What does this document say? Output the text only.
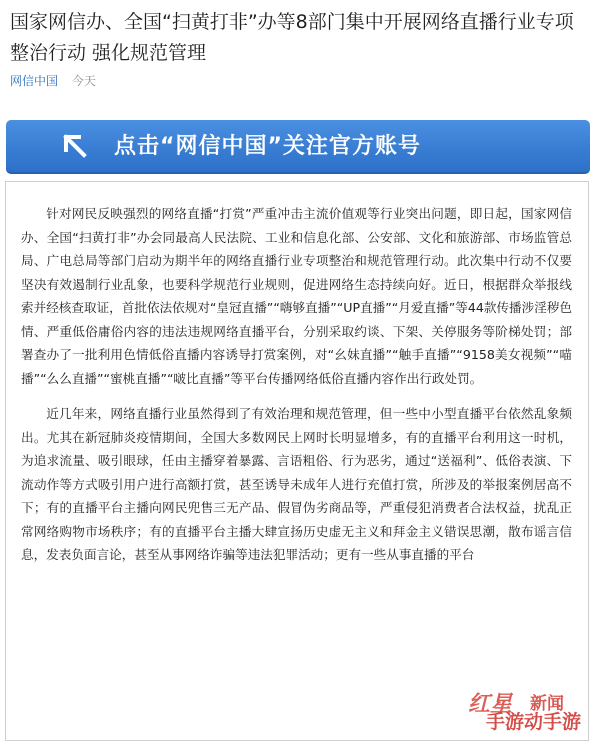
国家网信办、全国“扫黄打非”办等8部门集中开展网络直播行业专项整治行动 强化规范管理
网信中国 今天
点击“网信中国”关注官方账号

针对网民反映强烈的网络直播“打赏”严重冲击主流价值观等行业突出问题，即日起，国家网信办、全国“扫黄打非”办会同最高人民法院、工业和信息化部、公安部、文化和旅游部、市场监管总局、广电总局等部门启动为期半年的网络直播行业专项整治和规范管理行动。此次集中行动不仅要坚决有效遏制行业乱象，也要科学规范行业规则，促进网络生态持续向好。近日，根据群众举报线索并经核查取证，首批依法依规对“皇冠直播”“嗨够直播”“UP直播”“月爱直播”等44款传播涉淫秽色情、严重低俗庸俗内容的违法违规网络直播平台，分别采取约谈、下架、关停服务等阶梯处罚；部署查办了一批利用色情低俗直播内容诱导打赏案例，对“幺妹直播”“触手直播”“9158美女视频”“喵播”“么么直播”“蜜桃直播”“啵比直播”等平台传播网络低俗直播内容作出行政处罚。

近几年来，网络直播行业虽然得到了有效治理和规范管理，但一些中小型直播平台依然乱象频出。尤其在新冠肺炎疫情期间，全国大多数网民上网时长明显增多，有的直播平台利用这一时机，为追求流量、吸引眼球，任由主播穿着暴露、言语粗俗、行为恶劣，通过“送福利”、低俗表演、下流动作等方式吸引用户进行高额打赏，甚至诱导未成年人进行充值打赏，所涉及的举报案例居高不下；有的直播平台主播向网民兜售三无产品、假冒伪劣商品等，严重侵犯消费者合法权益，扰乱正常网络购物市场秩序；有的直播平台主播大肆宣扬历史虚无主义和拜金主义错误思潮，散布谣言信息，发表负面言论，甚至从事网络诈骗等违法犯罪活动；更有一些从事直播的平台

红星 新闻
手游动手游
